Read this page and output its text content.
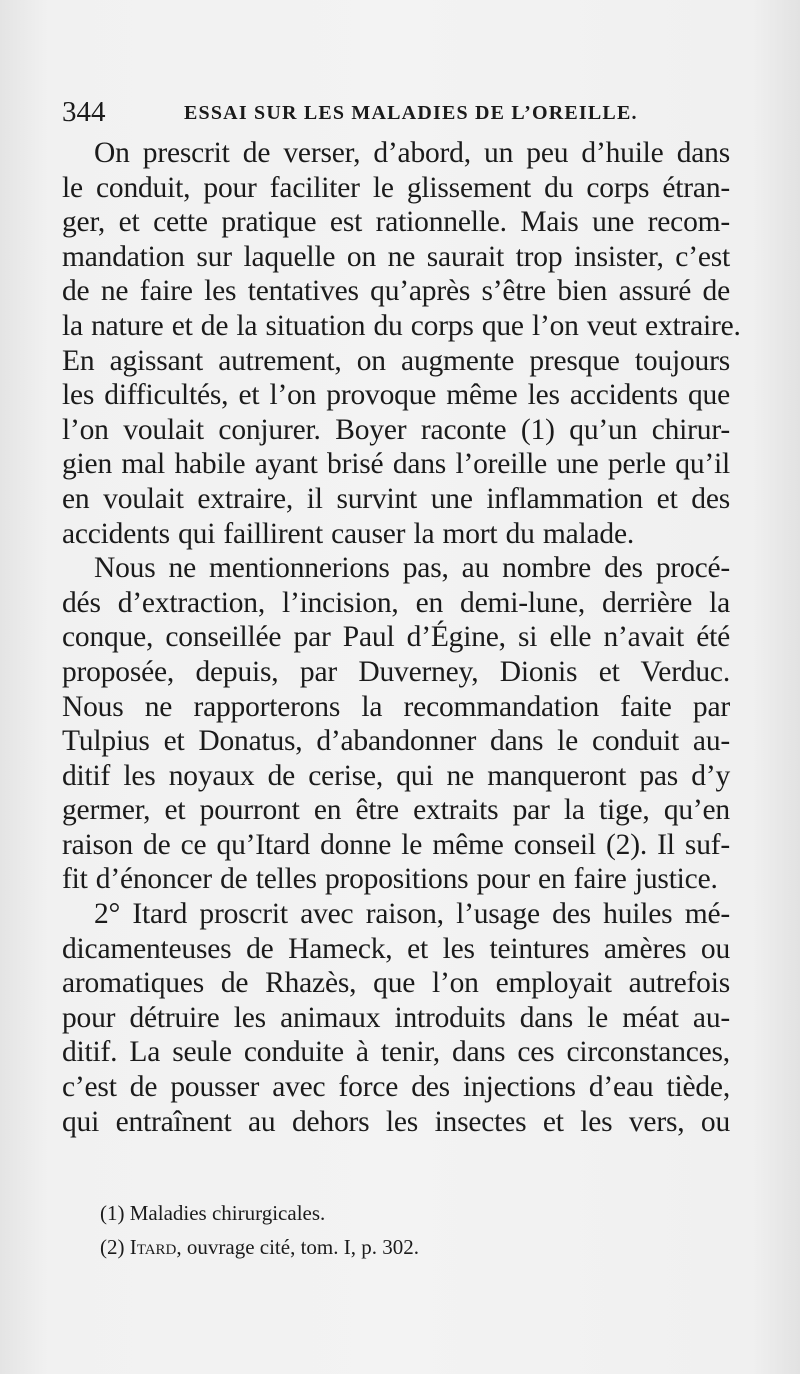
344	ESSAI SUR LES MALADIES DE L’OREILLE.
On prescrit de verser, d’abord, un peu d’huile dans
le conduit, pour faciliter le glissement du corps étran-
ger, et cette pratique est rationnelle. Mais une recom-
mandation sur laquelle on ne saurait trop insister, c’est
de ne faire les tentatives qu’après s’être bien assuré de
la nature et de la situation du corps que l’on veut extraire.
En agissant autrement, on augmente presque toujours
les difficultés, et l’on provoque même les accidents que
l’on voulait conjurer. Boyer raconte (1) qu’un chirur-
gien mal habile ayant brisé dans l’oreille une perle qu’il
en voulait extraire, il survint une inflammation et des
accidents qui faillirent causer la mort du malade.
Nous ne mentionnerions pas, au nombre des procé-
dés d’extraction, l’incision, en demi-lune, derrière la
conque, conseillée par Paul d’Égine, si elle n’avait été
proposée, depuis, par Duverney, Dionis et Verduc.
Nous ne rapporterons la recommandation faite par
Tulpius et Donatus, d’abandonner dans le conduit au-
ditif les noyaux de cerise, qui ne manqueront pas d’y
germer, et pourront en être extraits par la tige, qu’en
raison de ce qu’Itard donne le même conseil (2). Il suf-
fit d’énoncer de telles propositions pour en faire justice.
2° Itard proscrit avec raison, l’usage des huiles mé-
dicamenteuses de Hameck, et les teintures amères ou
aromatiques de Rhazès, que l’on employait autrefois
pour détruire les animaux introduits dans le méat au-
ditif. La seule conduite à tenir, dans ces circonstances,
c’est de pousser avec force des injections d’eau tiède,
qui entraînent au dehors les insectes et les vers, ou
(1) Maladies chirurgicales.
(2) Itard, ouvrage cité, tom. I, p. 302.
